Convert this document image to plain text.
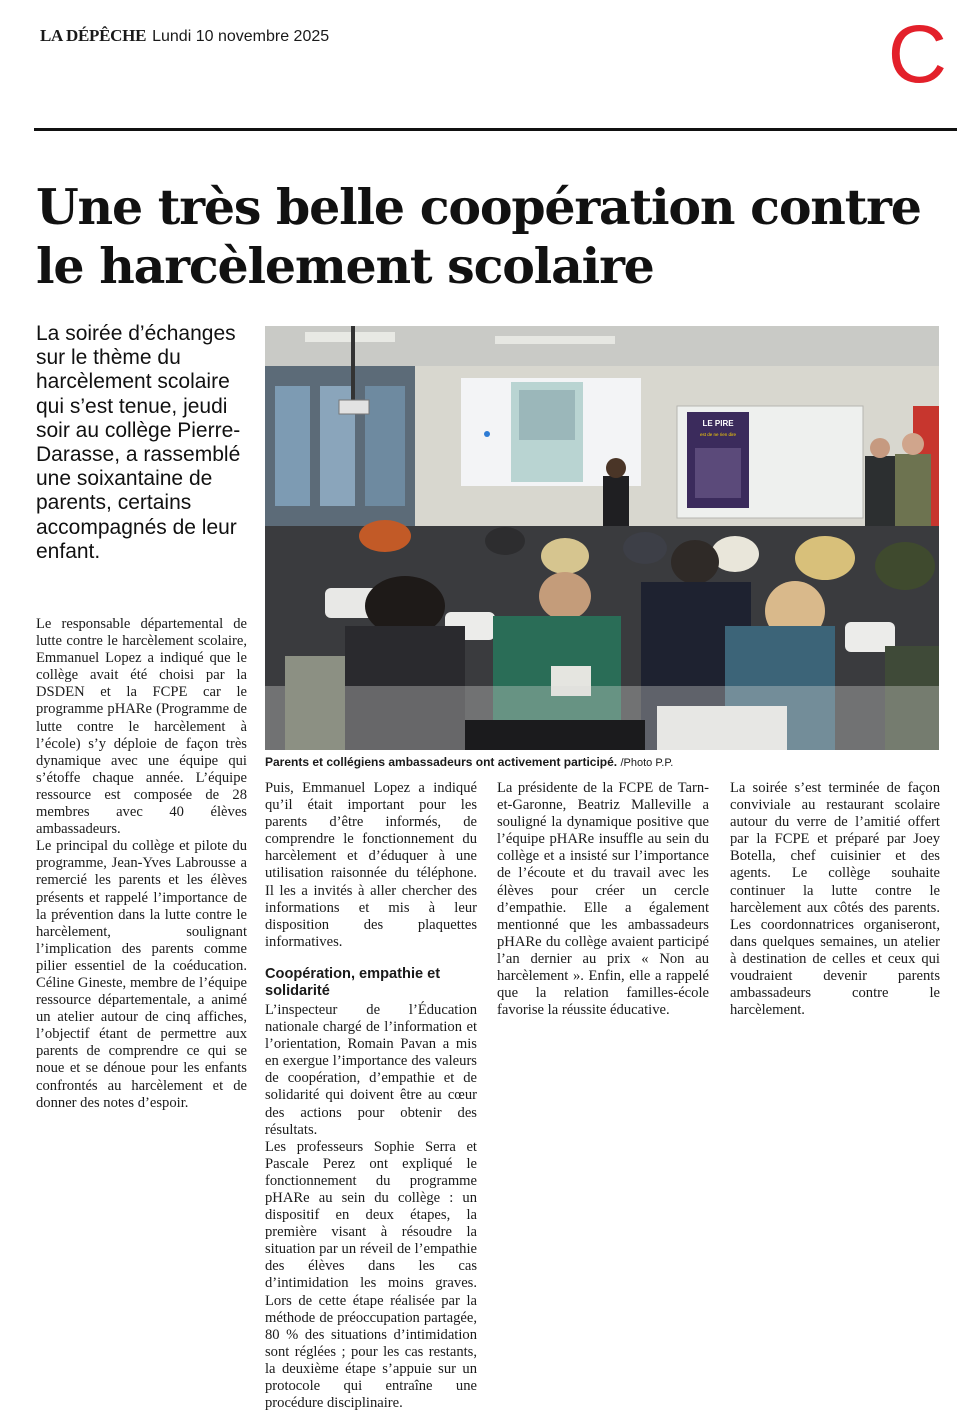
LA DÉPÊCHE Lundi 10 novembre 2025	C
Une très belle coopération contre le harcèlement scolaire

La soirée d’échanges sur le thème du harcèlement scolaire qui s’est tenue, jeudi soir au collège Pierre-Darasse, a rassemblé une soixantaine de parents, certains accompagnés de leur enfant.

LE PIRE
est de ne rien dire
Parents et collégiens ambassadeurs ont activement participé. /Photo P.P.

Le responsable départemental de lutte contre le harcèlement scolaire, Emmanuel Lopez a indiqué que le collège avait été choisi par la DSDEN et la FCPE car le programme pHARe (Programme de lutte contre le harcèlement à l’école) s’y déploie de façon très dynamique avec une équipe qui s’étoffe chaque année. L’équipe ressource est composée de 28 membres avec 40 élèves ambassadeurs.

Le principal du collège et pilote du programme, Jean-Yves Labrousse a remercié les parents et les élèves présents et rappelé l’importance de la prévention dans la lutte contre le harcèlement, soulignant l’implication des parents comme pilier essentiel de la coéducation. Céline Gineste, membre de l’équipe ressource départementale, a animé un atelier autour de cinq affiches, l’objectif étant de permettre aux parents de comprendre ce qui se noue et se dénoue pour les enfants confrontés au harcèlement et de donner des notes d’espoir.

Puis, Emmanuel Lopez a indiqué qu’il était important pour les parents d’être informés, de comprendre le fonctionnement du harcèlement et d’éduquer à une utilisation raisonnée du téléphone. Il les a invités à aller chercher des informations et mis à leur disposition des plaquettes informatives.

Coopération, empathie et solidarité

L’inspecteur de l’Éducation nationale chargé de l’information et l’orientation, Romain Pavan a mis en exergue l’importance des valeurs de coopération, d’empathie et de solidarité qui doivent être au cœur des actions pour obtenir des résultats.

Les professeurs Sophie Serra et Pascale Perez ont expliqué le fonctionnement du programme pHARe au sein du collège : un dispositif en deux étapes, la première visant à résoudre la situation par un réveil de l’empathie des élèves dans les cas d’intimidation les moins graves. Lors de cette étape réalisée par la méthode de préoccupation partagée, 80 % des situations d’intimidation sont réglées ; pour les cas restants, la deuxième étape s’appuie sur un protocole qui entraîne une procédure disciplinaire.

La présidente de la FCPE de Tarn-et-Garonne, Beatriz Malleville a souligné la dynamique positive que l’équipe pHARe insuffle au sein du collège et a insisté sur l’importance de l’écoute et du travail avec les élèves pour créer un cercle d’empathie. Elle a également mentionné que les ambassadeurs pHARe du collège avaient participé l’an dernier au prix « Non au harcèlement ». Enfin, elle a rappelé que la relation familles-école favorise la réussite éducative.

La soirée s’est terminée de façon conviviale au restaurant scolaire autour du verre de l’amitié offert par la FCPE et préparé par Joey Botella, chef cuisinier et des agents. Le collège souhaite continuer la lutte contre le harcèlement aux côtés des parents. Les coordonnatrices organiseront, dans quelques semaines, un atelier à destination de celles et ceux qui voudraient devenir parents ambassadeurs contre le harcèlement.
